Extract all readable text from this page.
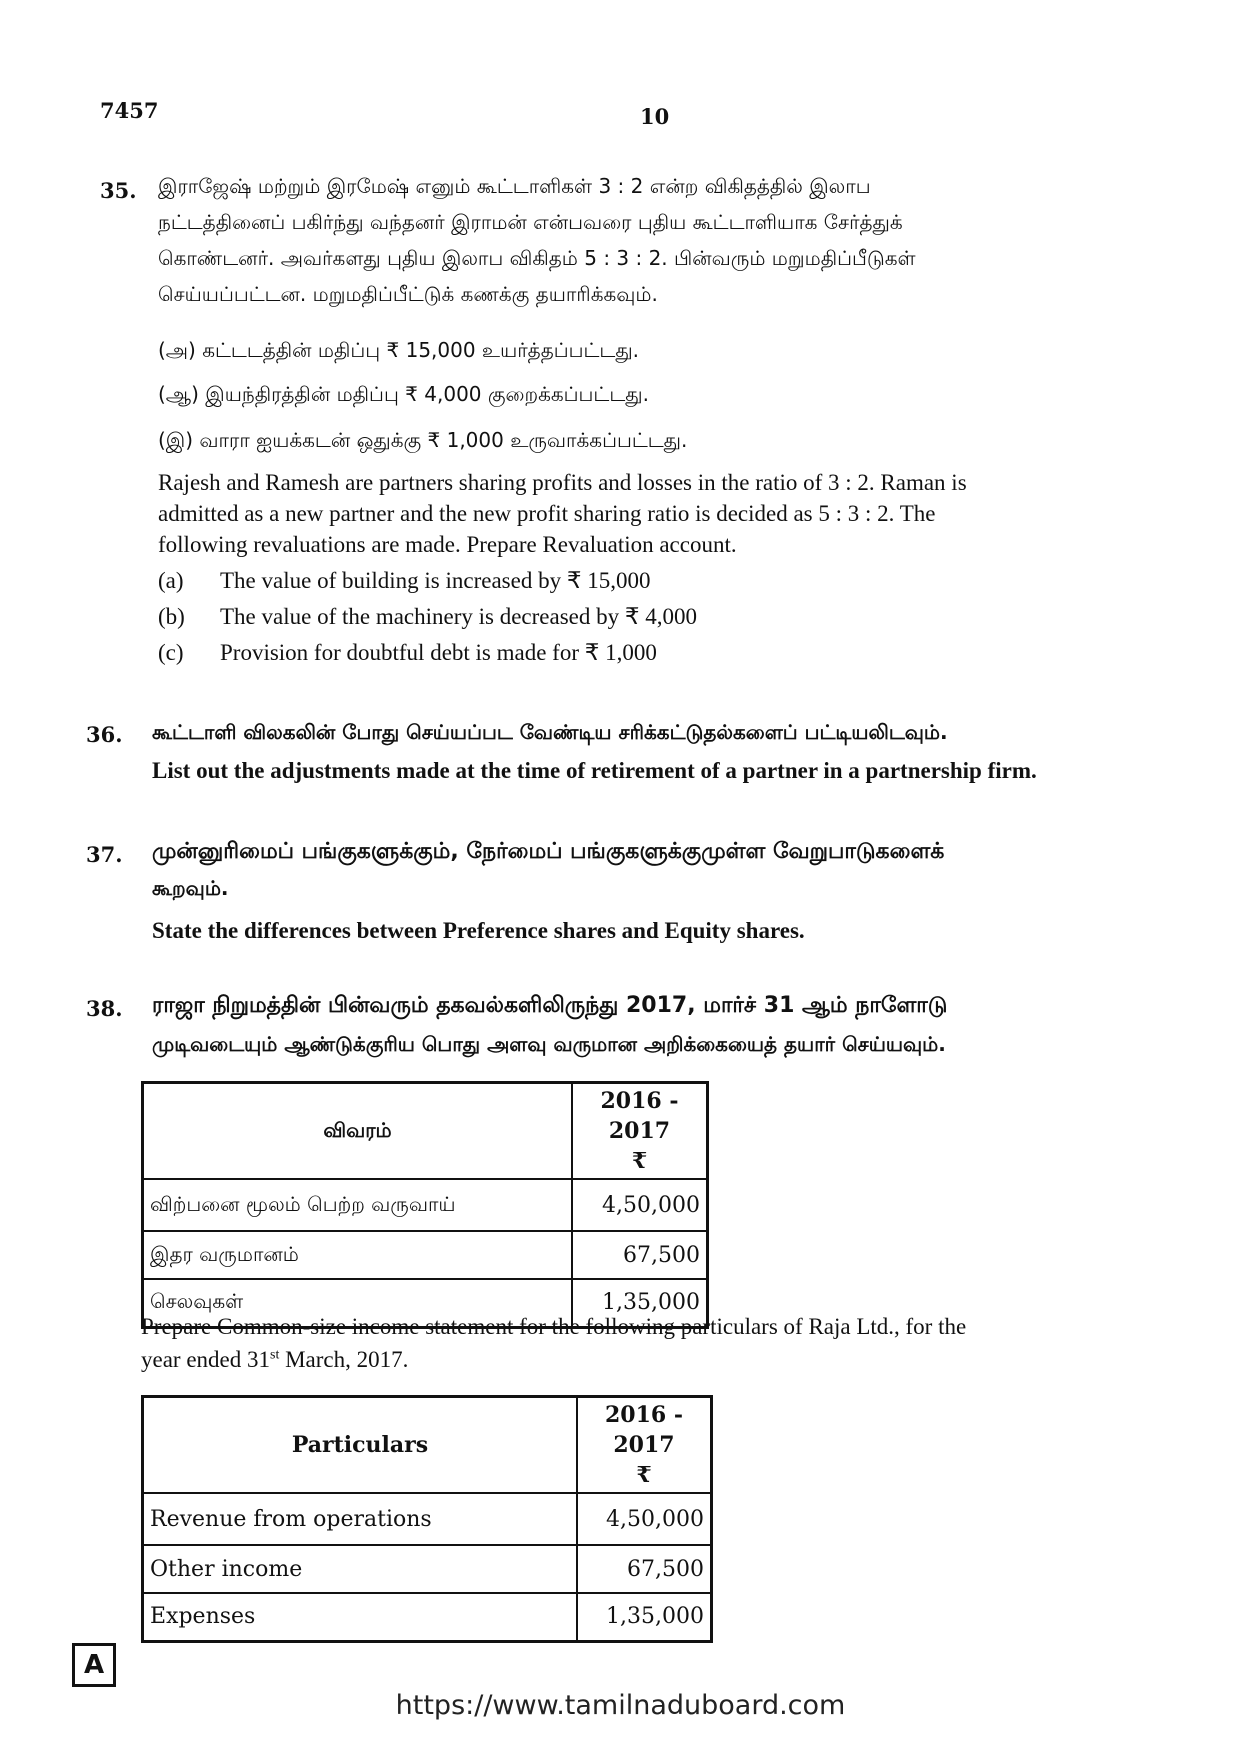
7457	10
35. இராஜேஷ் மற்றும் இரமேஷ் எனும் கூட்டாளிகள் 3 : 2 என்ற விகிதத்தில் இலாப
நட்டத்தினைப் பகிர்ந்து வந்தனர் இராமன் என்பவரை புதிய கூட்டாளியாக சேர்த்துக்
கொண்டனர். அவர்களது புதிய இலாப விகிதம் 5 : 3 : 2. பின்வரும் மறுமதிப்பீடுகள்
செய்யப்பட்டன. மறுமதிப்பீட்டுக் கணக்கு தயாரிக்கவும்.
(அ) கட்டடத்தின் மதிப்பு ₹ 15,000 உயர்த்தப்பட்டது.
(ஆ) இயந்திரத்தின் மதிப்பு ₹ 4,000 குறைக்கப்பட்டது.
(இ) வாரா ஐயக்கடன் ஒதுக்கு ₹ 1,000 உருவாக்கப்பட்டது.
Rajesh and Ramesh are partners sharing profits and losses in the ratio of 3 : 2. Raman is
admitted as a new partner and the new profit sharing ratio is decided as 5 : 3 : 2. The
following revaluations are made. Prepare Revaluation account.
(a) The value of building is increased by ₹ 15,000
(b) The value of the machinery is decreased by ₹ 4,000
(c) Provision for doubtful debt is made for ₹ 1,000
36. கூட்டாளி விலகலின் போது செய்யப்பட வேண்டிய சரிக்கட்டுதல்களைப் பட்டியலிடவும்.
List out the adjustments made at the time of retirement of a partner in a partnership firm.
37. முன்னுரிமைப் பங்குகளுக்கும், நேர்மைப் பங்குகளுக்குமுள்ள வேறுபாடுகளைக்
கூறவும்.
State the differences between Preference shares and Equity shares.
38. ராஜா நிறுமத்தின் பின்வரும் தகவல்களிலிருந்து 2017, மார்ச் 31 ஆம் நாளோடு
முடிவடையும் ஆண்டுக்குரிய பொது அளவு வருமான அறிக்கையைத் தயார் செய்யவும்.
விவரம்	2016 - 2017
₹

விற்பனை மூலம் பெற்ற வருவாய்	4,50,000
இதர வருமானம்	67,500
செலவுகள்	1,35,000
Prepare Common-size income statement for the following particulars of Raja Ltd., for the
year ended 31st March, 2017.
Particulars	2016 - 2017
₹

Revenue from operations	4,50,000
Other income	67,500
Expenses	1,35,000
A
https://www.tamilnaduboard.com
